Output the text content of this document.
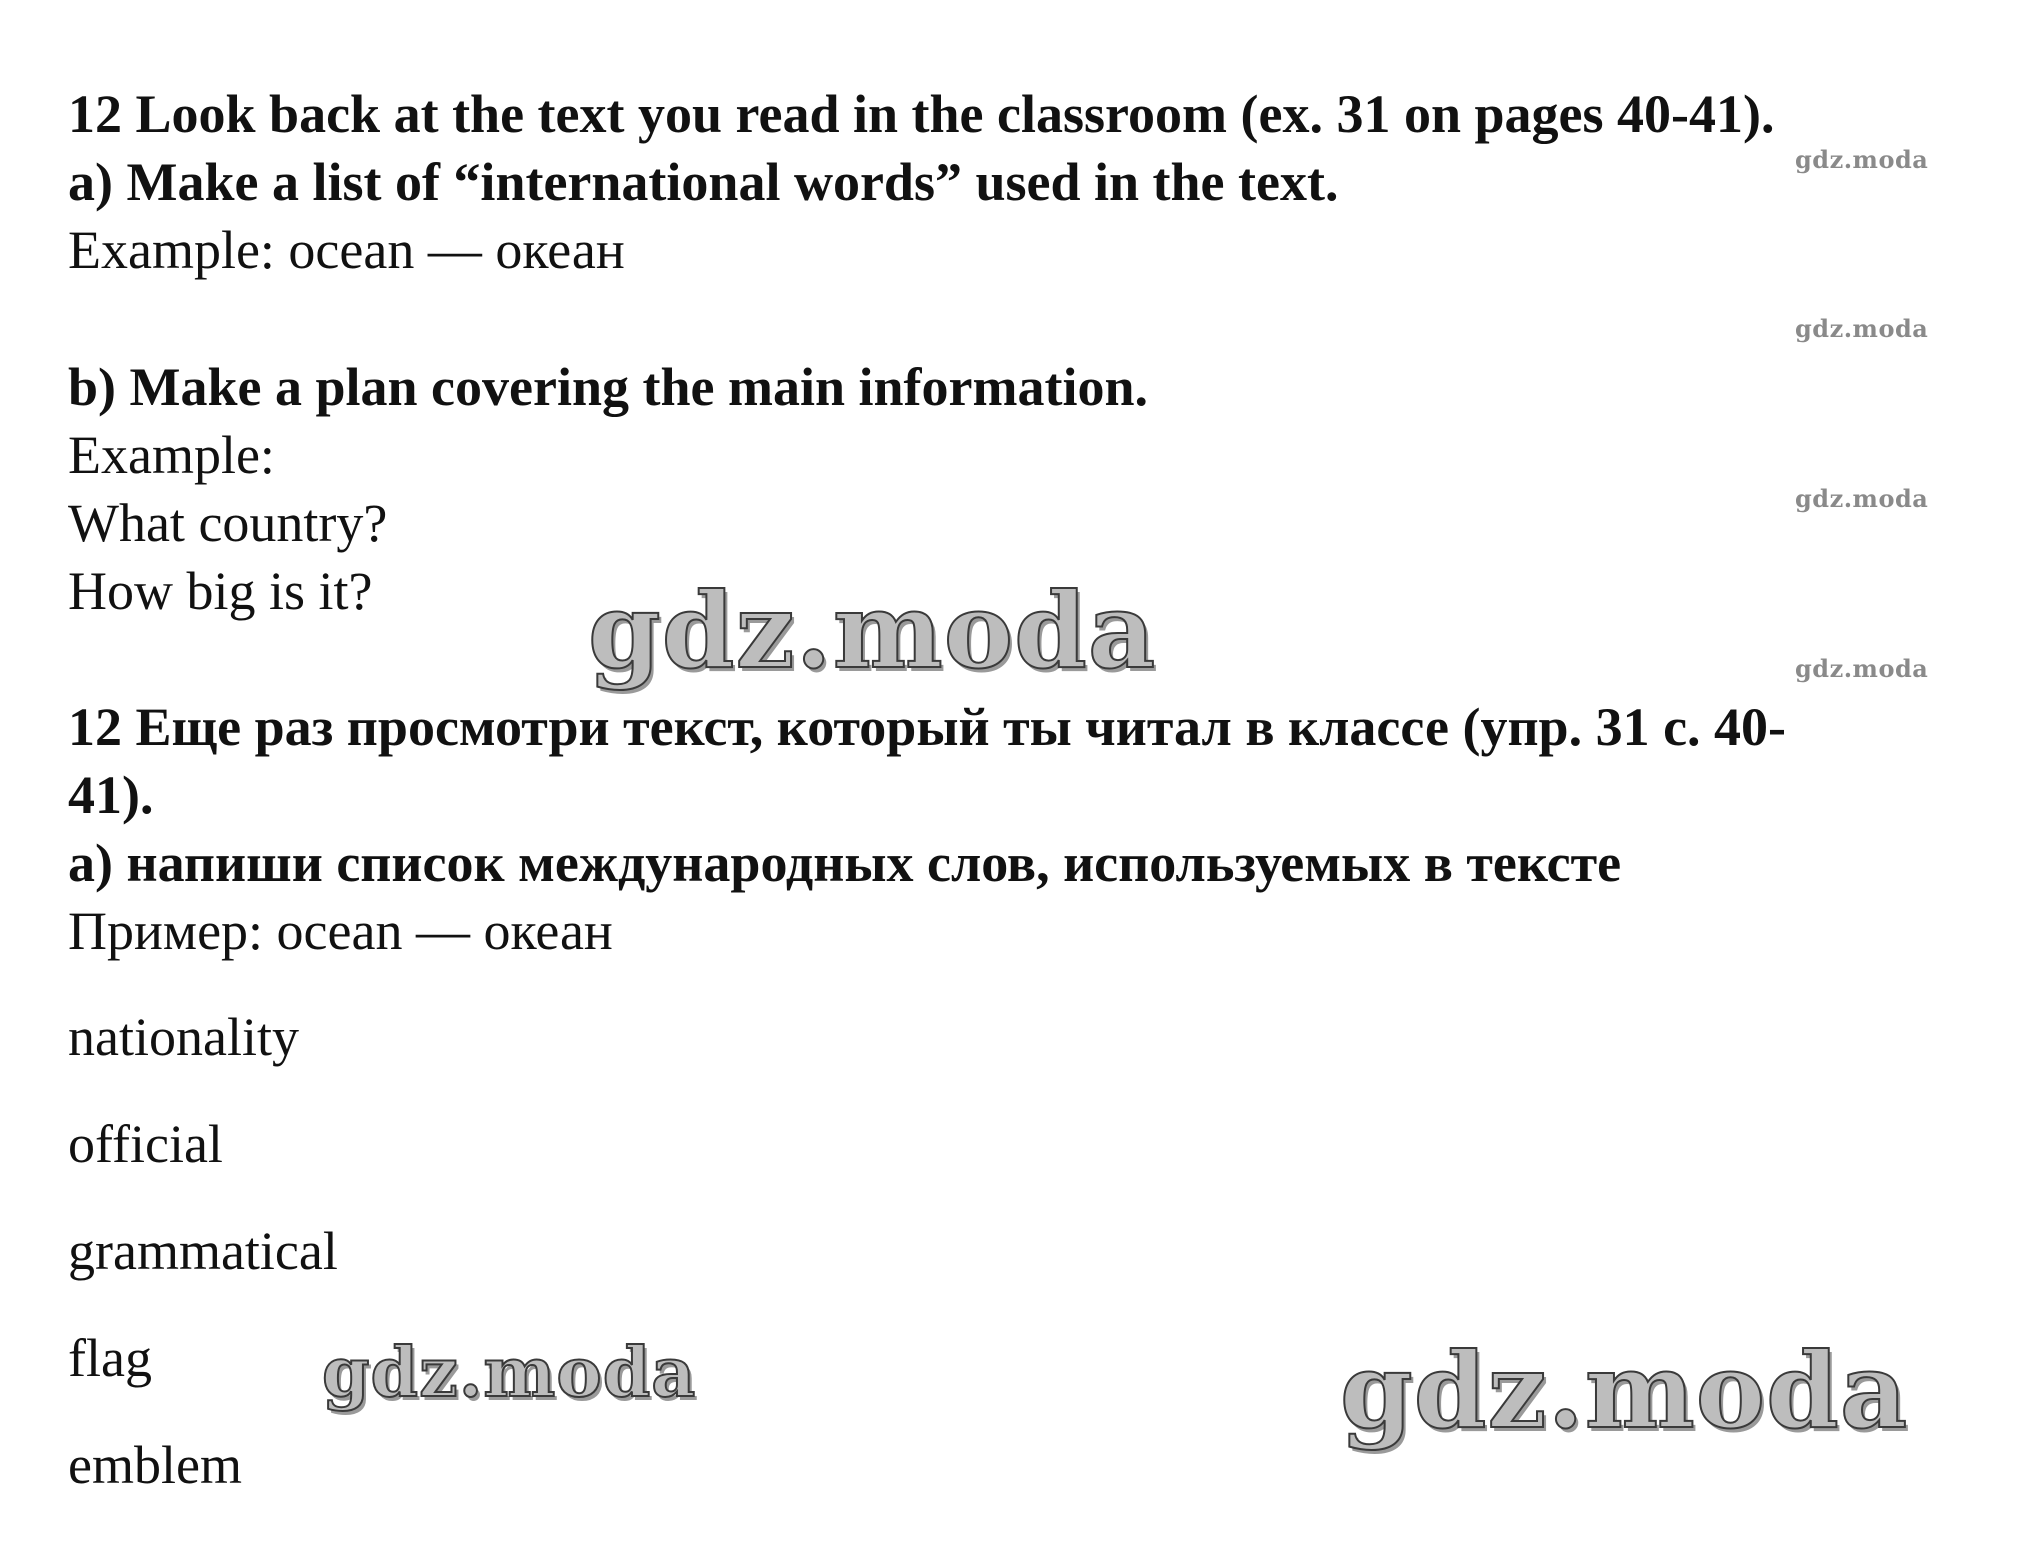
12 Look back at the text you read in the classroom (ex. 31 on pages 40-41).
a) Make a list of “international words” used in the text.
Example: ocean — океан
b) Make a plan covering the main information.
Example:
What country?
How big is it?
12 Еще раз просмотри текст, который ты читал в классе (упр. 31 с. 40-
41).
а) напиши список международных слов, используемых в тексте
Пример: ocean — океан
nationality
official
grammatical
flag
emblem
gdz.moda
gdz.moda
gdz.moda
gdz.moda
gdz.moda
gdz.moda	gdz.moda
